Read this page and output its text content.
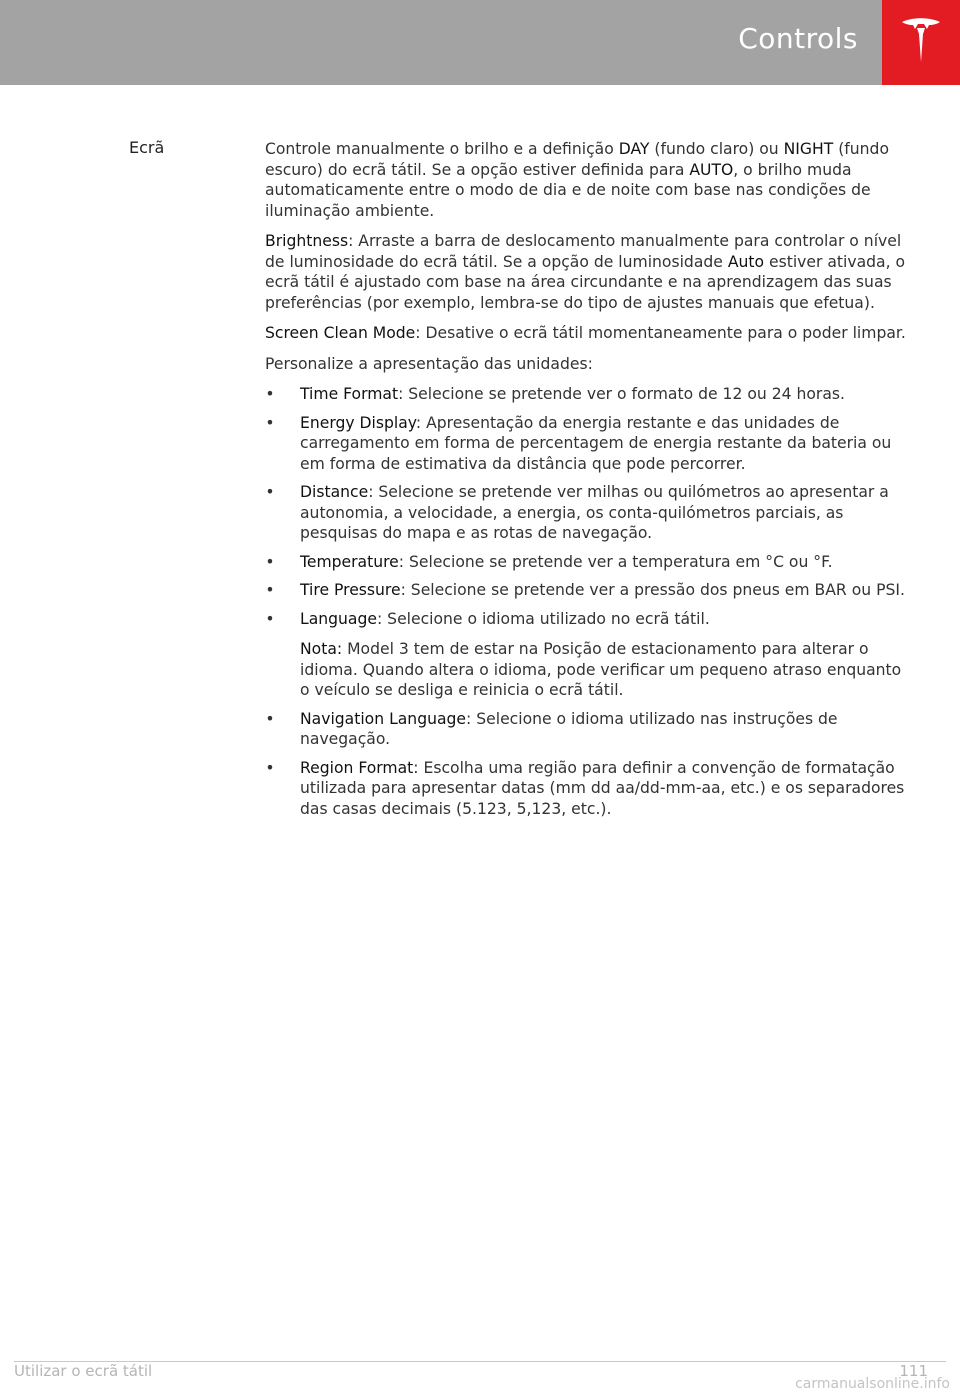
Controls
Ecrã	Controle manualmente o brilho e a definição DAY (fundo claro) ou NIGHT (fundo escuro) do ecrã tátil. Se a opção estiver definida para AUTO, o brilho muda automaticamente entre o modo de dia e de noite com base nas condições de iluminação ambiente.

Brightness: Arraste a barra de deslocamento manualmente para controlar o nível de luminosidade do ecrã tátil. Se a opção de luminosidade Auto estiver ativada, o ecrã tátil é ajustado com base na área circundante e na aprendizagem das suas preferências (por exemplo, lembra-se do tipo de ajustes manuais que efetua).

Screen Clean Mode: Desative o ecrã tátil momentaneamente para o poder limpar.

Personalize a apresentação das unidades:

• Time Format: Selecione se pretende ver o formato de 12 ou 24 horas.
• Energy Display: Apresentação da energia restante e das unidades de carregamento em forma de percentagem de energia restante da bateria ou em forma de estimativa da distância que pode percorrer.
• Distance: Selecione se pretende ver milhas ou quilómetros ao apresentar a autonomia, a velocidade, a energia, os conta-quilómetros parciais, as pesquisas do mapa e as rotas de navegação.
• Temperature: Selecione se pretende ver a temperatura em °C ou °F.
• Tire Pressure: Selecione se pretende ver a pressão dos pneus em BAR ou PSI.
• Language: Selecione o idioma utilizado no ecrã tátil.
Nota: Model 3 tem de estar na Posição de estacionamento para alterar o idioma. Quando altera o idioma, pode verificar um pequeno atraso enquanto o veículo se desliga e reinicia o ecrã tátil.
• Navigation Language: Selecione o idioma utilizado nas instruções de navegação.
• Region Format: Escolha uma região para definir a convenção de formatação utilizada para apresentar datas (mm dd aa/dd-mm-aa, etc.) e os separadores das casas decimais (5.123, 5,123, etc.).
Utilizar o ecrã tátil	111
carmanualsonline.info
